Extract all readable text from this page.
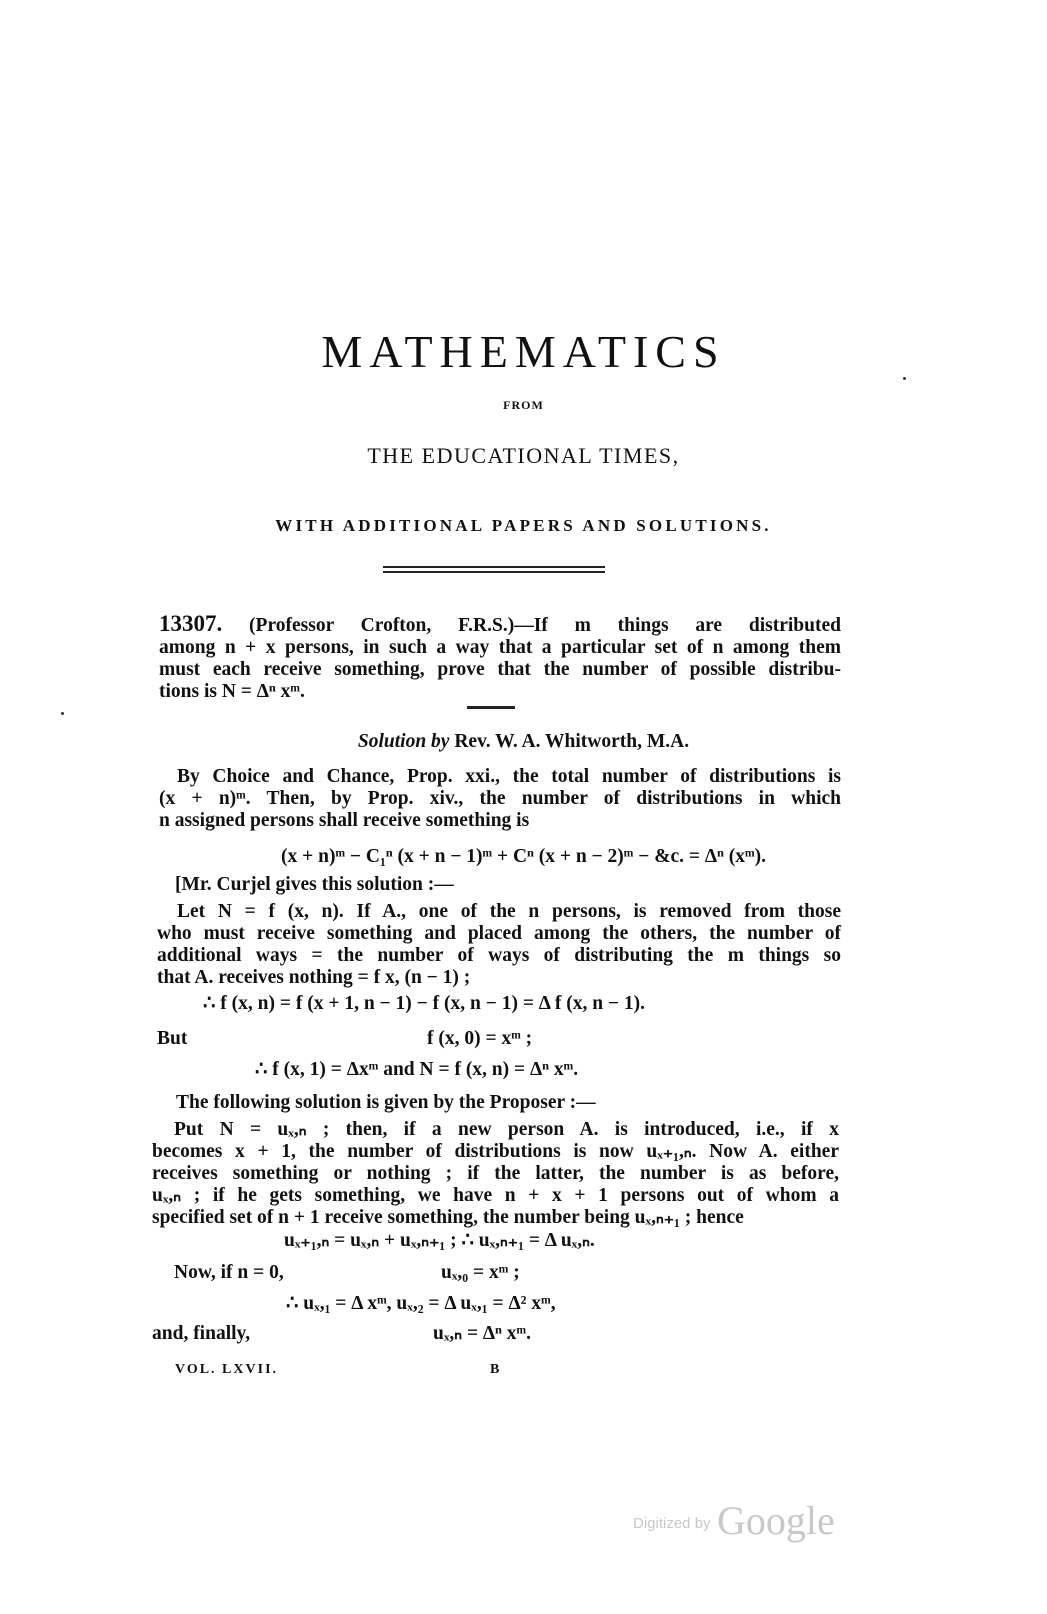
MATHEMATICS
FROM
THE EDUCATIONAL TIMES,
WITH ADDITIONAL PAPERS AND SOLUTIONS.
13307. (Professor Crofton, F.R.S.)—If m things are distributed
among n + x persons, in such a way that a particular set of n among them
must each receive something, prove that the number of possible distribu-
tions is N = Δⁿ xᵐ.
Solution by Rev. W. A. Whitworth, M.A.
By Choice and Chance, Prop. xxi., the total number of distributions is
(x + n)ᵐ. Then, by Prop. xiv., the number of distributions in which
n assigned persons shall receive something is
(x + n)ᵐ − C₁ⁿ (x + n − 1)ᵐ + Cⁿ (x + n − 2)ᵐ − &c. = Δⁿ (xᵐ).
[Mr. Curjel gives this solution :—
Let N = f (x, n). If A., one of the n persons, is removed from those
who must receive something and placed among the others, the number of
additional ways = the number of ways of distributing the m things so
that A. receives nothing = f x, (n − 1) ;
∴ f (x, n) = f (x + 1, n − 1) − f (x, n − 1) = Δ f (x, n − 1).
But	f (x, 0) = xᵐ ;
∴ f (x, 1) = Δxᵐ and N = f (x, n) = Δⁿ xᵐ.
The following solution is given by the Proposer :—
Put N = uₓ,ₙ ; then, if a new person A. is introduced, i.e., if x
becomes x + 1, the number of distributions is now uₓ₊₁,ₙ. Now A. either
receives something or nothing ; if the latter, the number is as before,
uₓ,ₙ ; if he gets something, we have n + x + 1 persons out of whom a
specified set of n + 1 receive something, the number being uₓ,ₙ₊₁ ; hence
uₓ₊₁,ₙ = uₓ,ₙ + uₓ,ₙ₊₁ ; ∴ uₓ,ₙ₊₁ = Δ uₓ,ₙ.
Now, if n = 0,	uₓ,₀ = xᵐ ;
∴ uₓ,₁ = Δ xᵐ, uₓ,₂ = Δ uₓ,₁ = Δ² xᵐ,
and, finally,	uₓ,ₙ = Δⁿ xᵐ.
VOL. LXVII.	B
Digitized by Google
